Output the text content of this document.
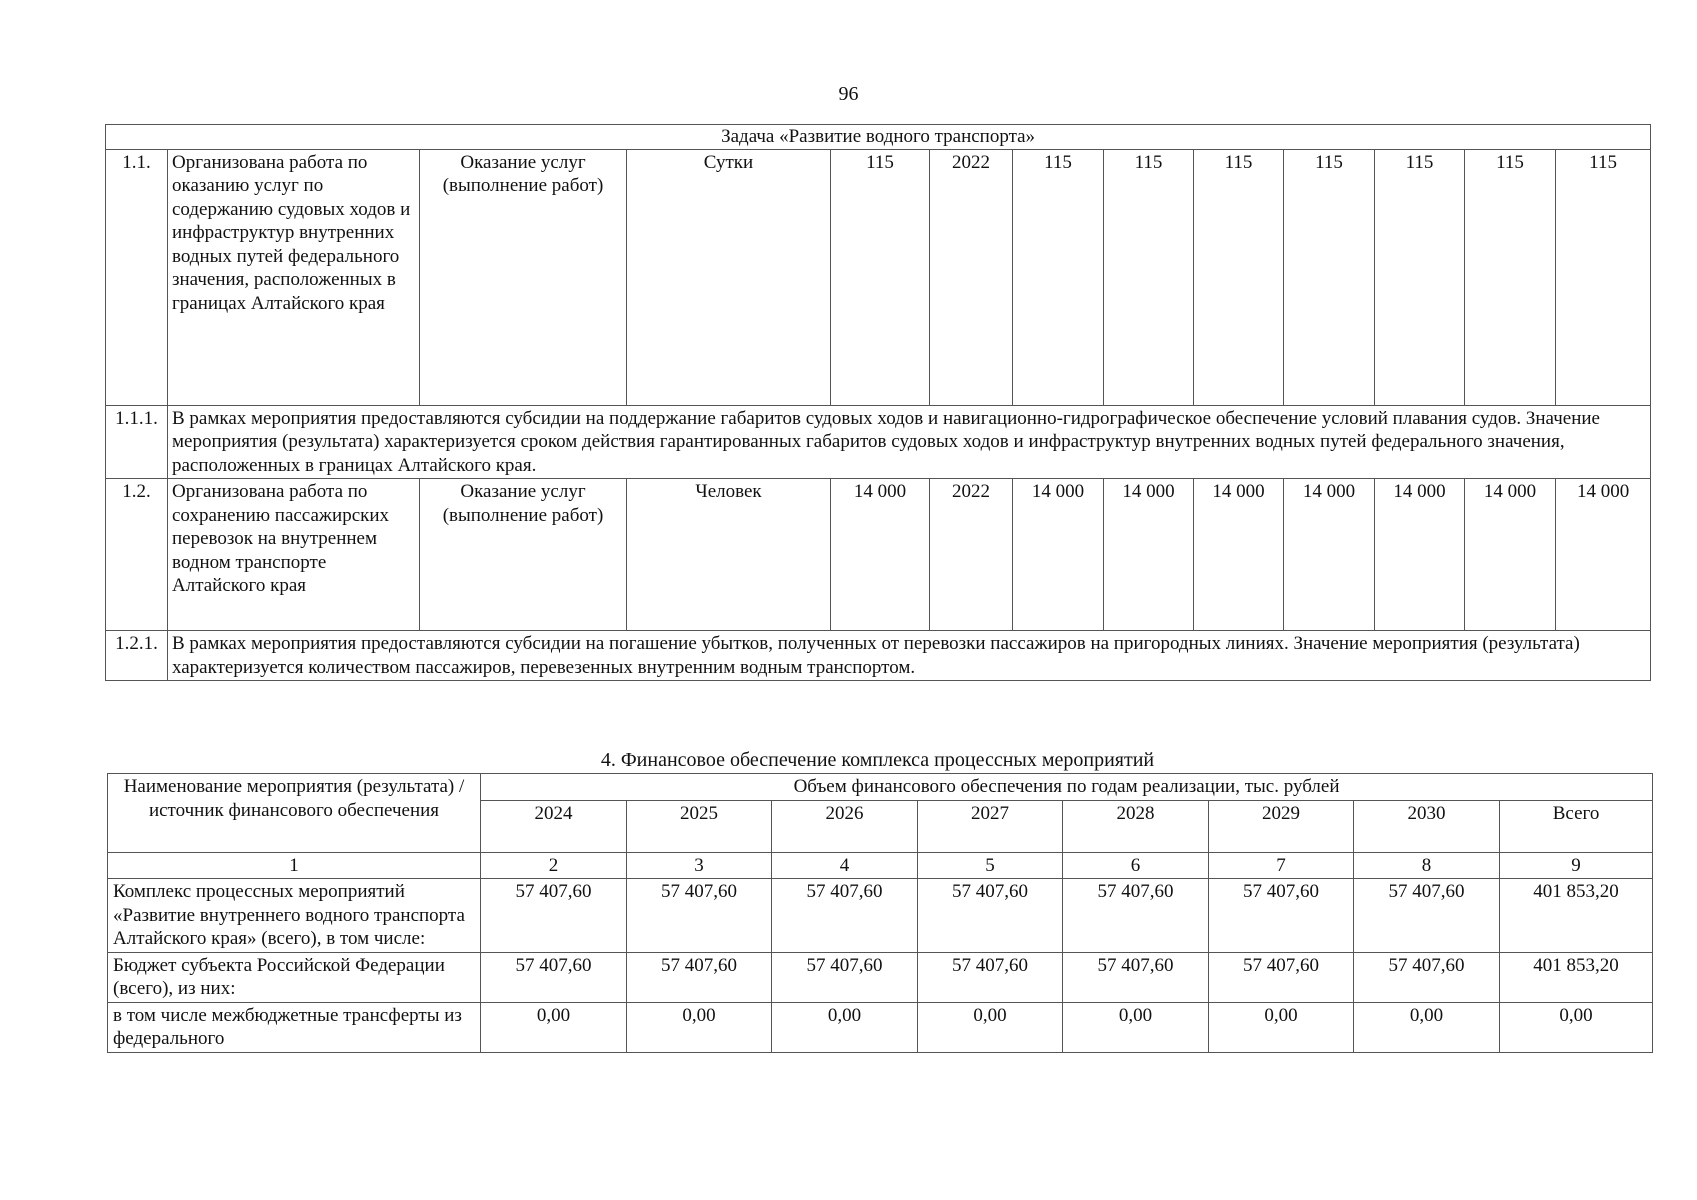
96
Задача «Развитие водного транспорта»												
1.1.	Организована работа по оказанию услуг по содержанию судовых ходов и инфраструктур внутренних водных путей федерального значения, расположенных в границах Алтайского края	Оказание услуг (выполнение работ)	Сутки	115	2022	115	115	115	115	115	115	115
1.1.1.	В рамках мероприятия предоставляются субсидии на поддержание габаритов судовых ходов и навигационно-гидрографическое обеспечение условий плавания судов. Значение мероприятия (результата) характеризуется сроком действия гарантированных габаритов судовых ходов и инфраструктур внутренних водных путей федерального значения, расположенных в границах Алтайского края.											
1.2.	Организована работа по сохранению пассажирских перевозок на внутреннем водном транспорте Алтайского края	Оказание услуг (выполнение работ)	Человек	14 000	2022	14 000	14 000	14 000	14 000	14 000	14 000	14 000
1.2.1.	В рамках мероприятия предоставляются субсидии на погашение убытков, полученных от перевозки пассажиров на пригородных линиях. Значение мероприятия (результата) характеризуется количеством пассажиров, перевезенных внутренним водным транспортом.											
4. Финансовое обеспечение комплекса процессных мероприятий
Наименование мероприятия (результата) / источник финансового обеспечения	Объем финансового обеспечения по годам реализации, тыс. рублей							
	2024	2025	2026	2027	2028	2029	2030	Всего
1	2	3	4	5	6	7	8	9
Комплекс процессных мероприятий «Развитие внутреннего водного транспорта Алтайского края» (всего), в том числе:	57 407,60	57 407,60	57 407,60	57 407,60	57 407,60	57 407,60	57 407,60	401 853,20
Бюджет субъекта Российской Федерации (всего), из них:	57 407,60	57 407,60	57 407,60	57 407,60	57 407,60	57 407,60	57 407,60	401 853,20
в том числе межбюджетные трансферты из федерального	0,00	0,00	0,00	0,00	0,00	0,00	0,00	0,00
